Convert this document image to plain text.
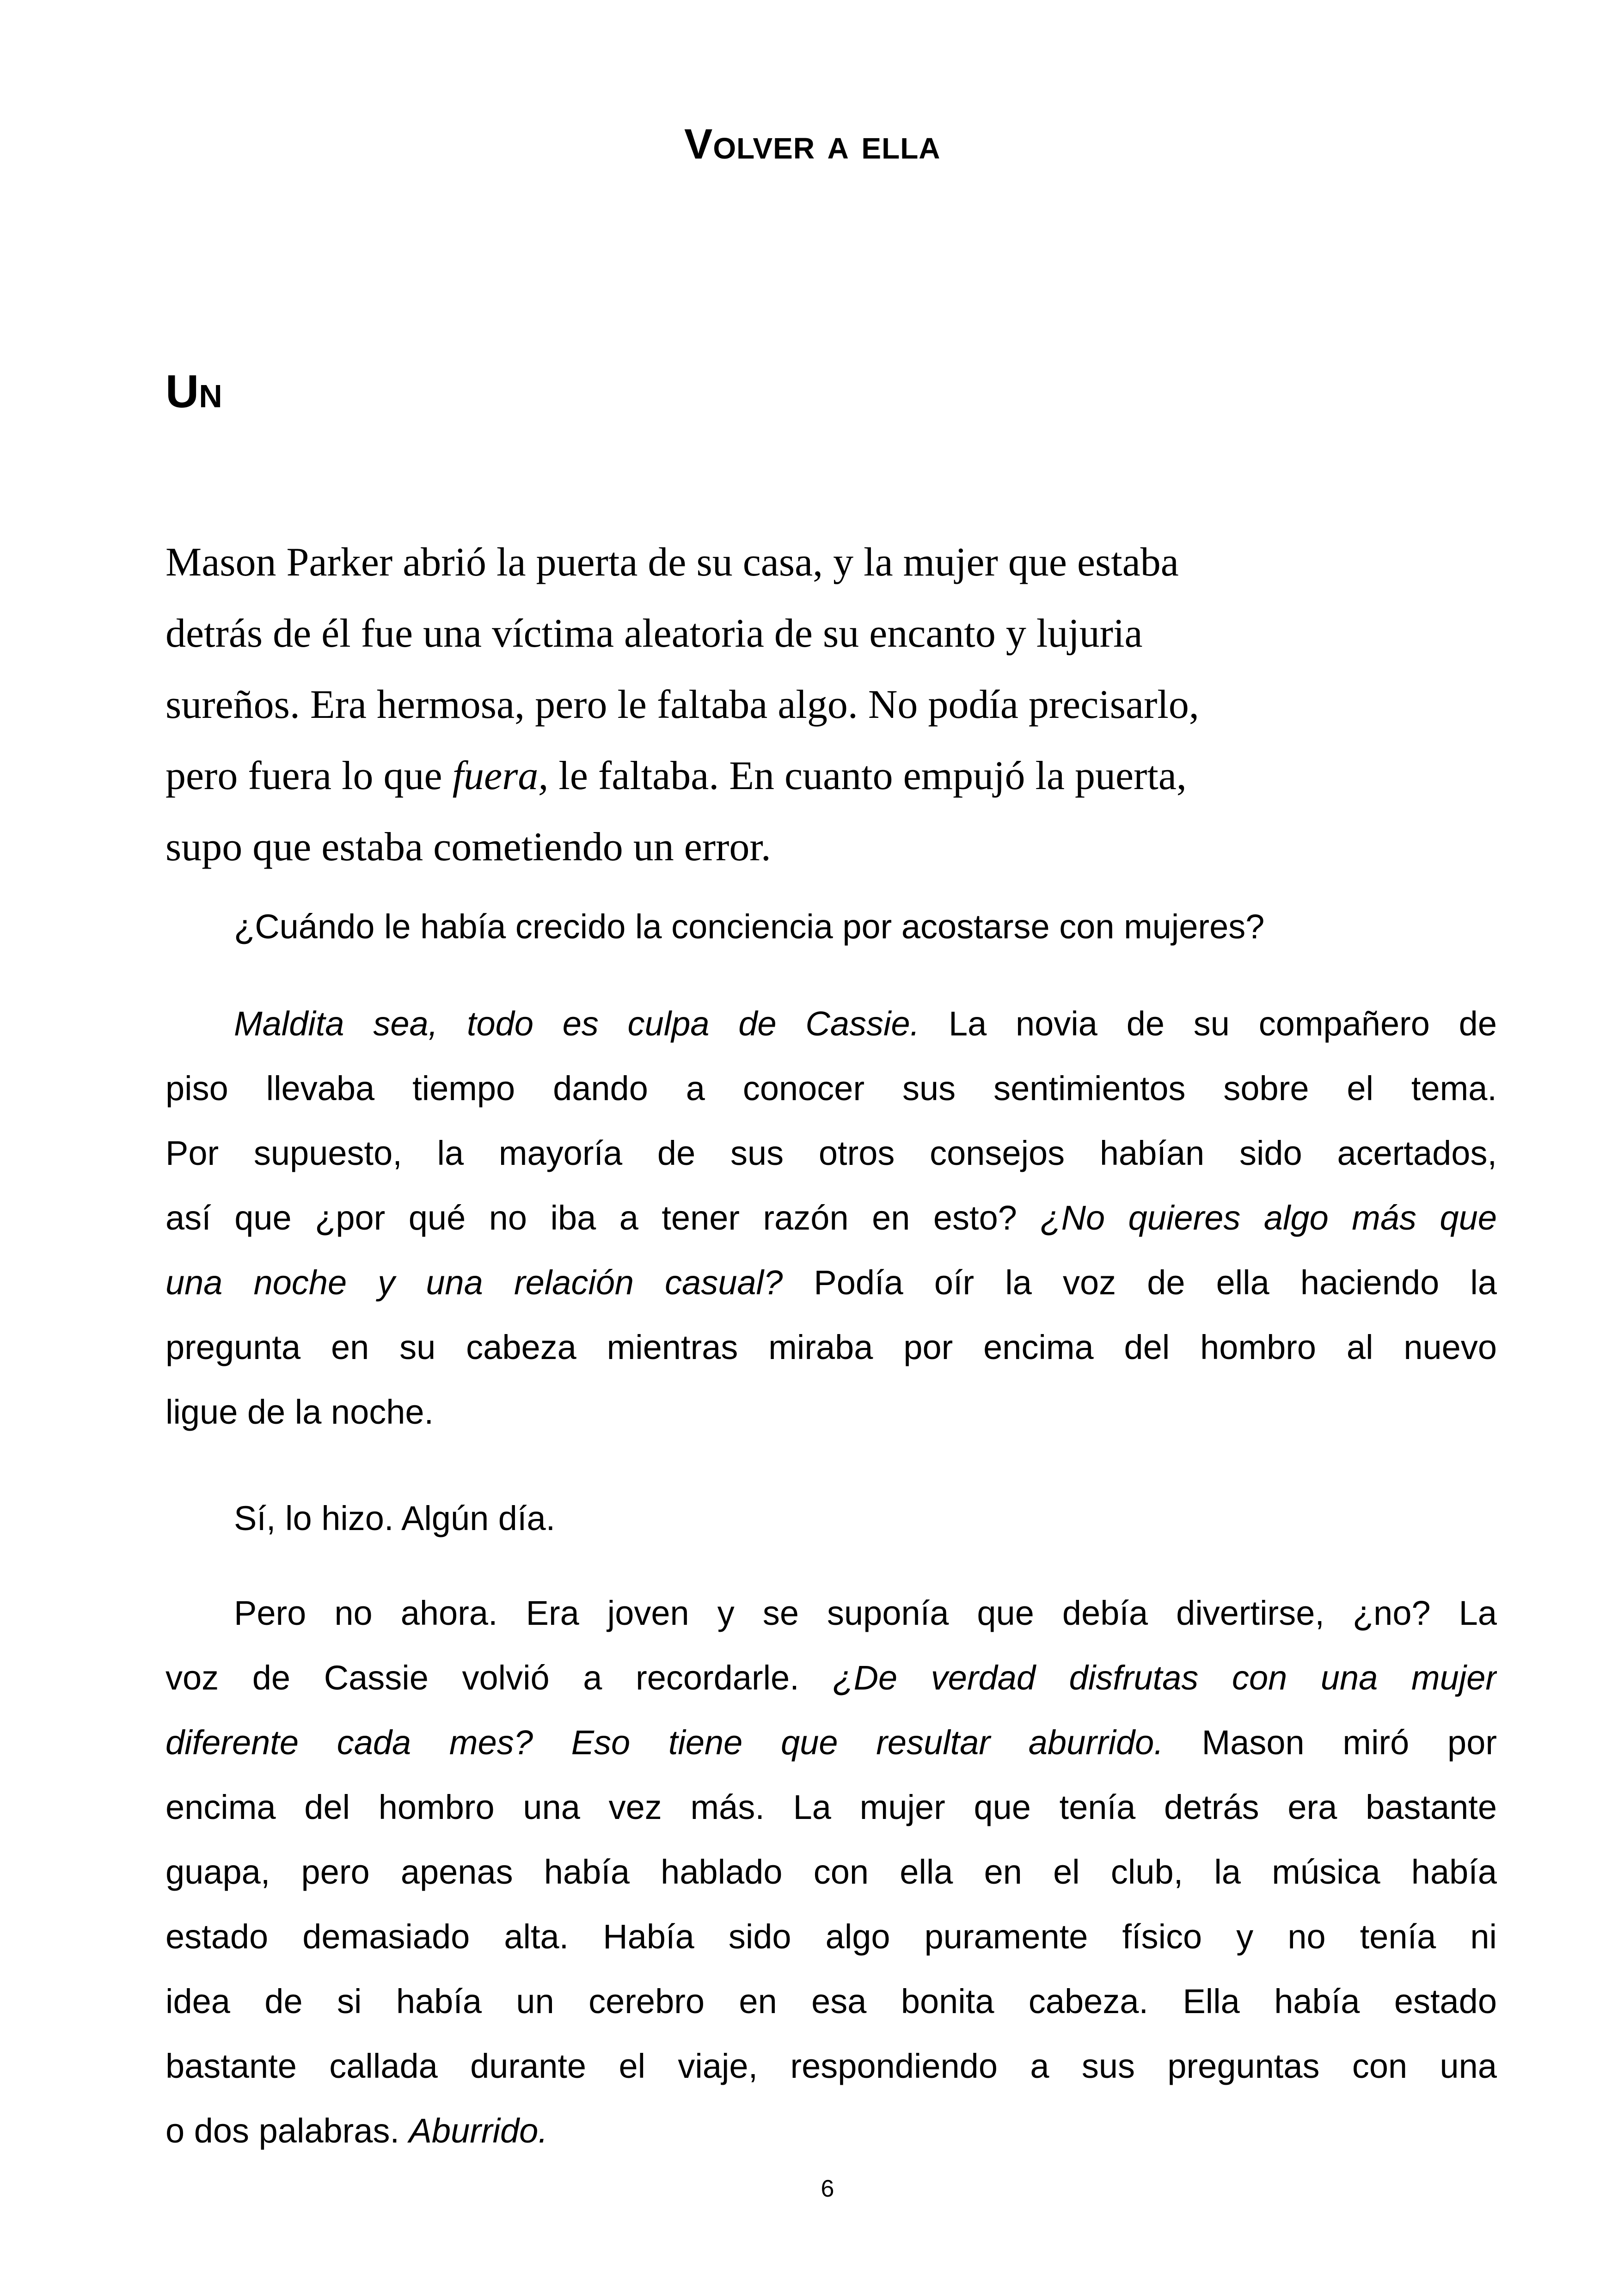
Volver a ella
Un
Mason Parker abrió la puerta de su casa, y la mujer que estaba
detrás de él fue una víctima aleatoria de su encanto y lujuria
sureños. Era hermosa, pero le faltaba algo. No podía precisarlo,
pero fuera lo que fuera, le faltaba. En cuanto empujó la puerta,
supo que estaba cometiendo un error.
¿Cuándo le había crecido la conciencia por acostarse con mujeres?
Maldita sea, todo es culpa de Cassie. La novia de su compañero de
piso llevaba tiempo dando a conocer sus sentimientos sobre el tema.
Por supuesto, la mayoría de sus otros consejos habían sido acertados,
así que ¿por qué no iba a tener razón en esto? ¿No quieres algo más que
una noche y una relación casual? Podía oír la voz de ella haciendo la
pregunta en su cabeza mientras miraba por encima del hombro al nuevo
ligue de la noche.
Sí, lo hizo. Algún día.
Pero no ahora. Era joven y se suponía que debía divertirse, ¿no? La
voz de Cassie volvió a recordarle. ¿De verdad disfrutas con una mujer
diferente cada mes? Eso tiene que resultar aburrido. Mason miró por
encima del hombro una vez más. La mujer que tenía detrás era bastante
guapa, pero apenas había hablado con ella en el club, la música había
estado demasiado alta. Había sido algo puramente físico y no tenía ni
idea de si había un cerebro en esa bonita cabeza. Ella había estado
bastante callada durante el viaje, respondiendo a sus preguntas con una
o dos palabras. Aburrido.
6
